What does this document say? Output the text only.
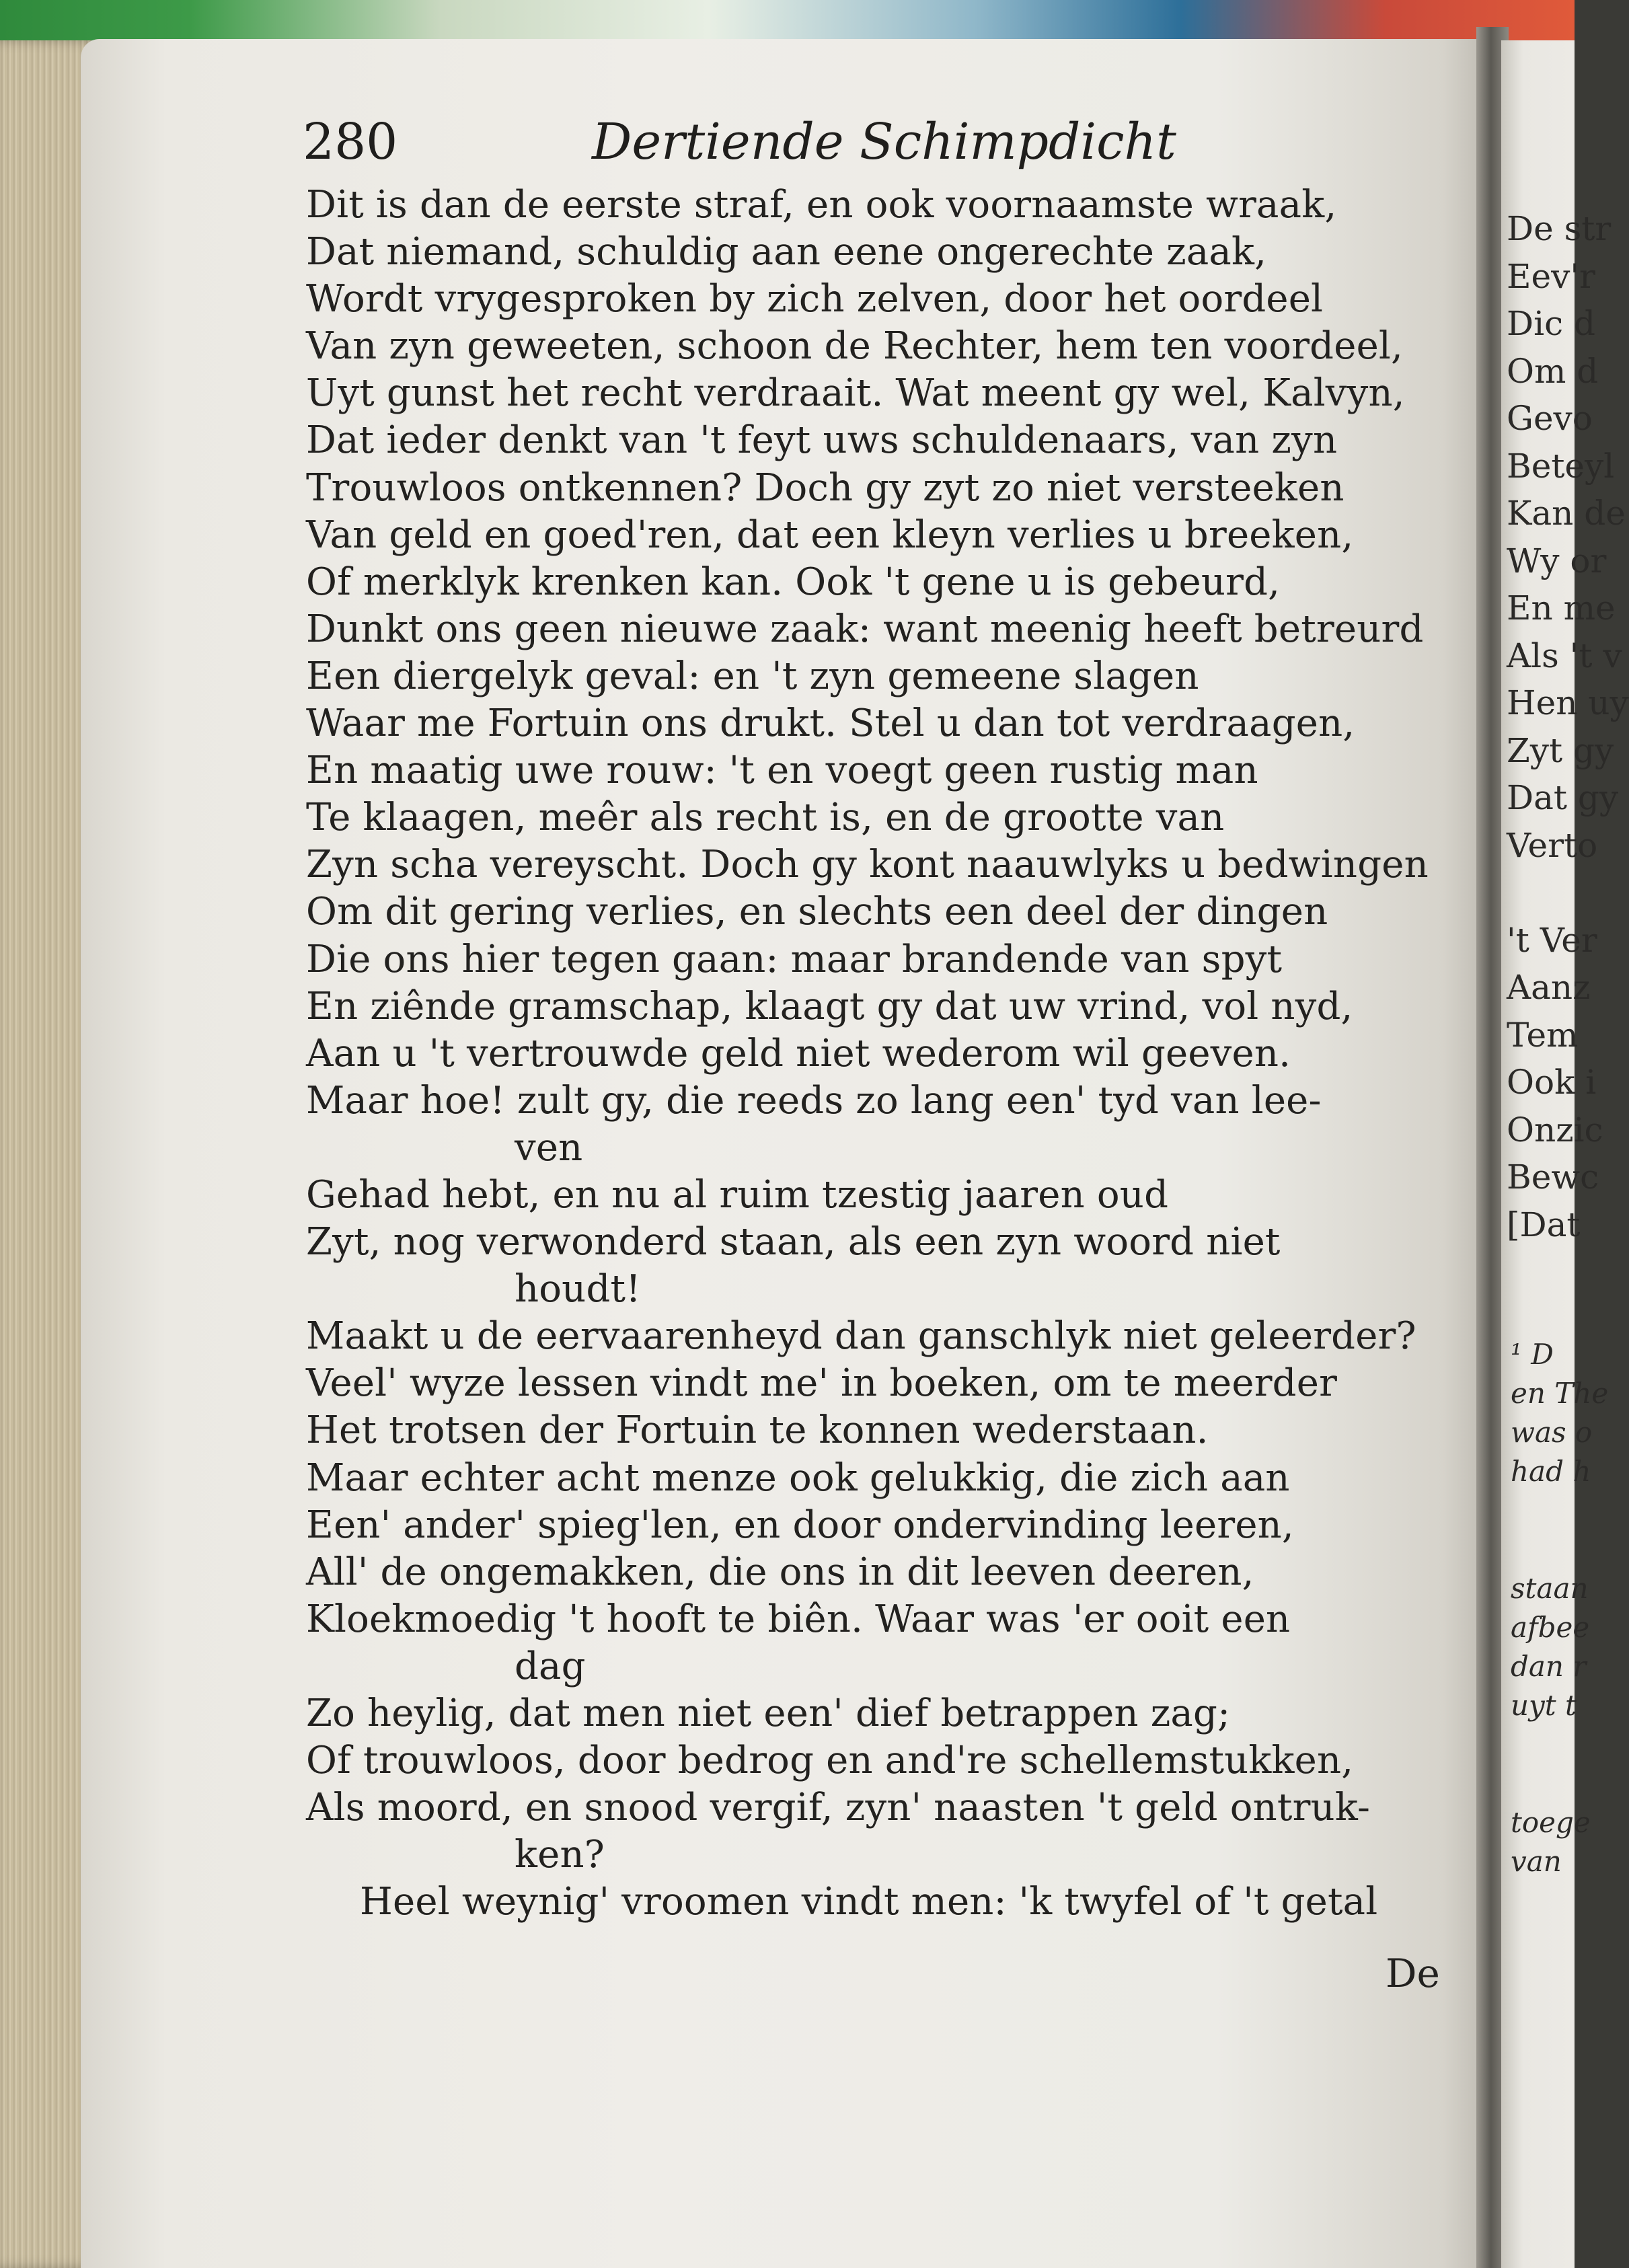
De str
Eev'r
Dic d
Om d
Gevo
Beteyl
Kan de
Wy or
En me
Als 't v
Hen uy
Zyt gy
Dat gy
Verto
't Ver
Aanz
Tem
Ook i
Onzic
Bewc
[Dat
¹ D
en The
was o
had h
staan
afbee
dan r
uyt t
toege
van
280	Dertiende Schimpdicht
Dit is dan de eerste straf, en ook voornaamste wraak,
Dat niemand, schuldig aan eene ongerechte zaak,
Wordt vrygesproken by zich zelven, door het oordeel
Van zyn geweeten, schoon de Rechter, hem ten voordeel,
Uyt gunst het recht verdraait. Wat meent gy wel, Kalvyn,
Dat ieder denkt van 't feyt uws schuldenaars, van zyn
Trouwloos ontkennen? Doch gy zyt zo niet versteeken
Van geld en goed'ren, dat een kleyn verlies u breeken,
Of merklyk krenken kan. Ook 't gene u is gebeurd,
Dunkt ons geen nieuwe zaak: want meenig heeft betreurd
Een diergelyk geval: en 't zyn gemeene slagen
Waar me Fortuin ons drukt. Stel u dan tot verdraagen,
En maatig uwe rouw: 't en voegt geen rustig man
Te klaagen, meêr als recht is, en de grootte van
Zyn scha vereyscht. Doch gy kont naauwlyks u bedwingen
Om dit gering verlies, en slechts een deel der dingen
Die ons hier tegen gaan: maar brandende van spyt
En ziênde gramschap, klaagt gy dat uw vrind, vol nyd,
Aan u 't vertrouwde geld niet wederom wil geeven.
Maar hoe! zult gy, die reeds zo lang een' tyd van lee-
ven
Gehad hebt, en nu al ruim tzestig jaaren oud
Zyt, nog verwonderd staan, als een zyn woord niet
houdt!
Maakt u de eervaarenheyd dan ganschlyk niet geleerder?
Veel' wyze lessen vindt me' in boeken, om te meerder
Het trotsen der Fortuin te konnen wederstaan.
Maar echter acht menze ook gelukkig, die zich aan
Een' ander' spieg'len, en door ondervinding leeren,
All' de ongemakken, die ons in dit leeven deeren,
Kloekmoedig 't hooft te biên. Waar was 'er ooit een
dag
Zo heylig, dat men niet een' dief betrappen zag;
Of trouwloos, door bedrog en and're schellemstukken,
Als moord, en snood vergif, zyn' naasten 't geld ontruk-
ken?
Heel weynig' vroomen vindt men: 'k twyfel of 't getal
De
